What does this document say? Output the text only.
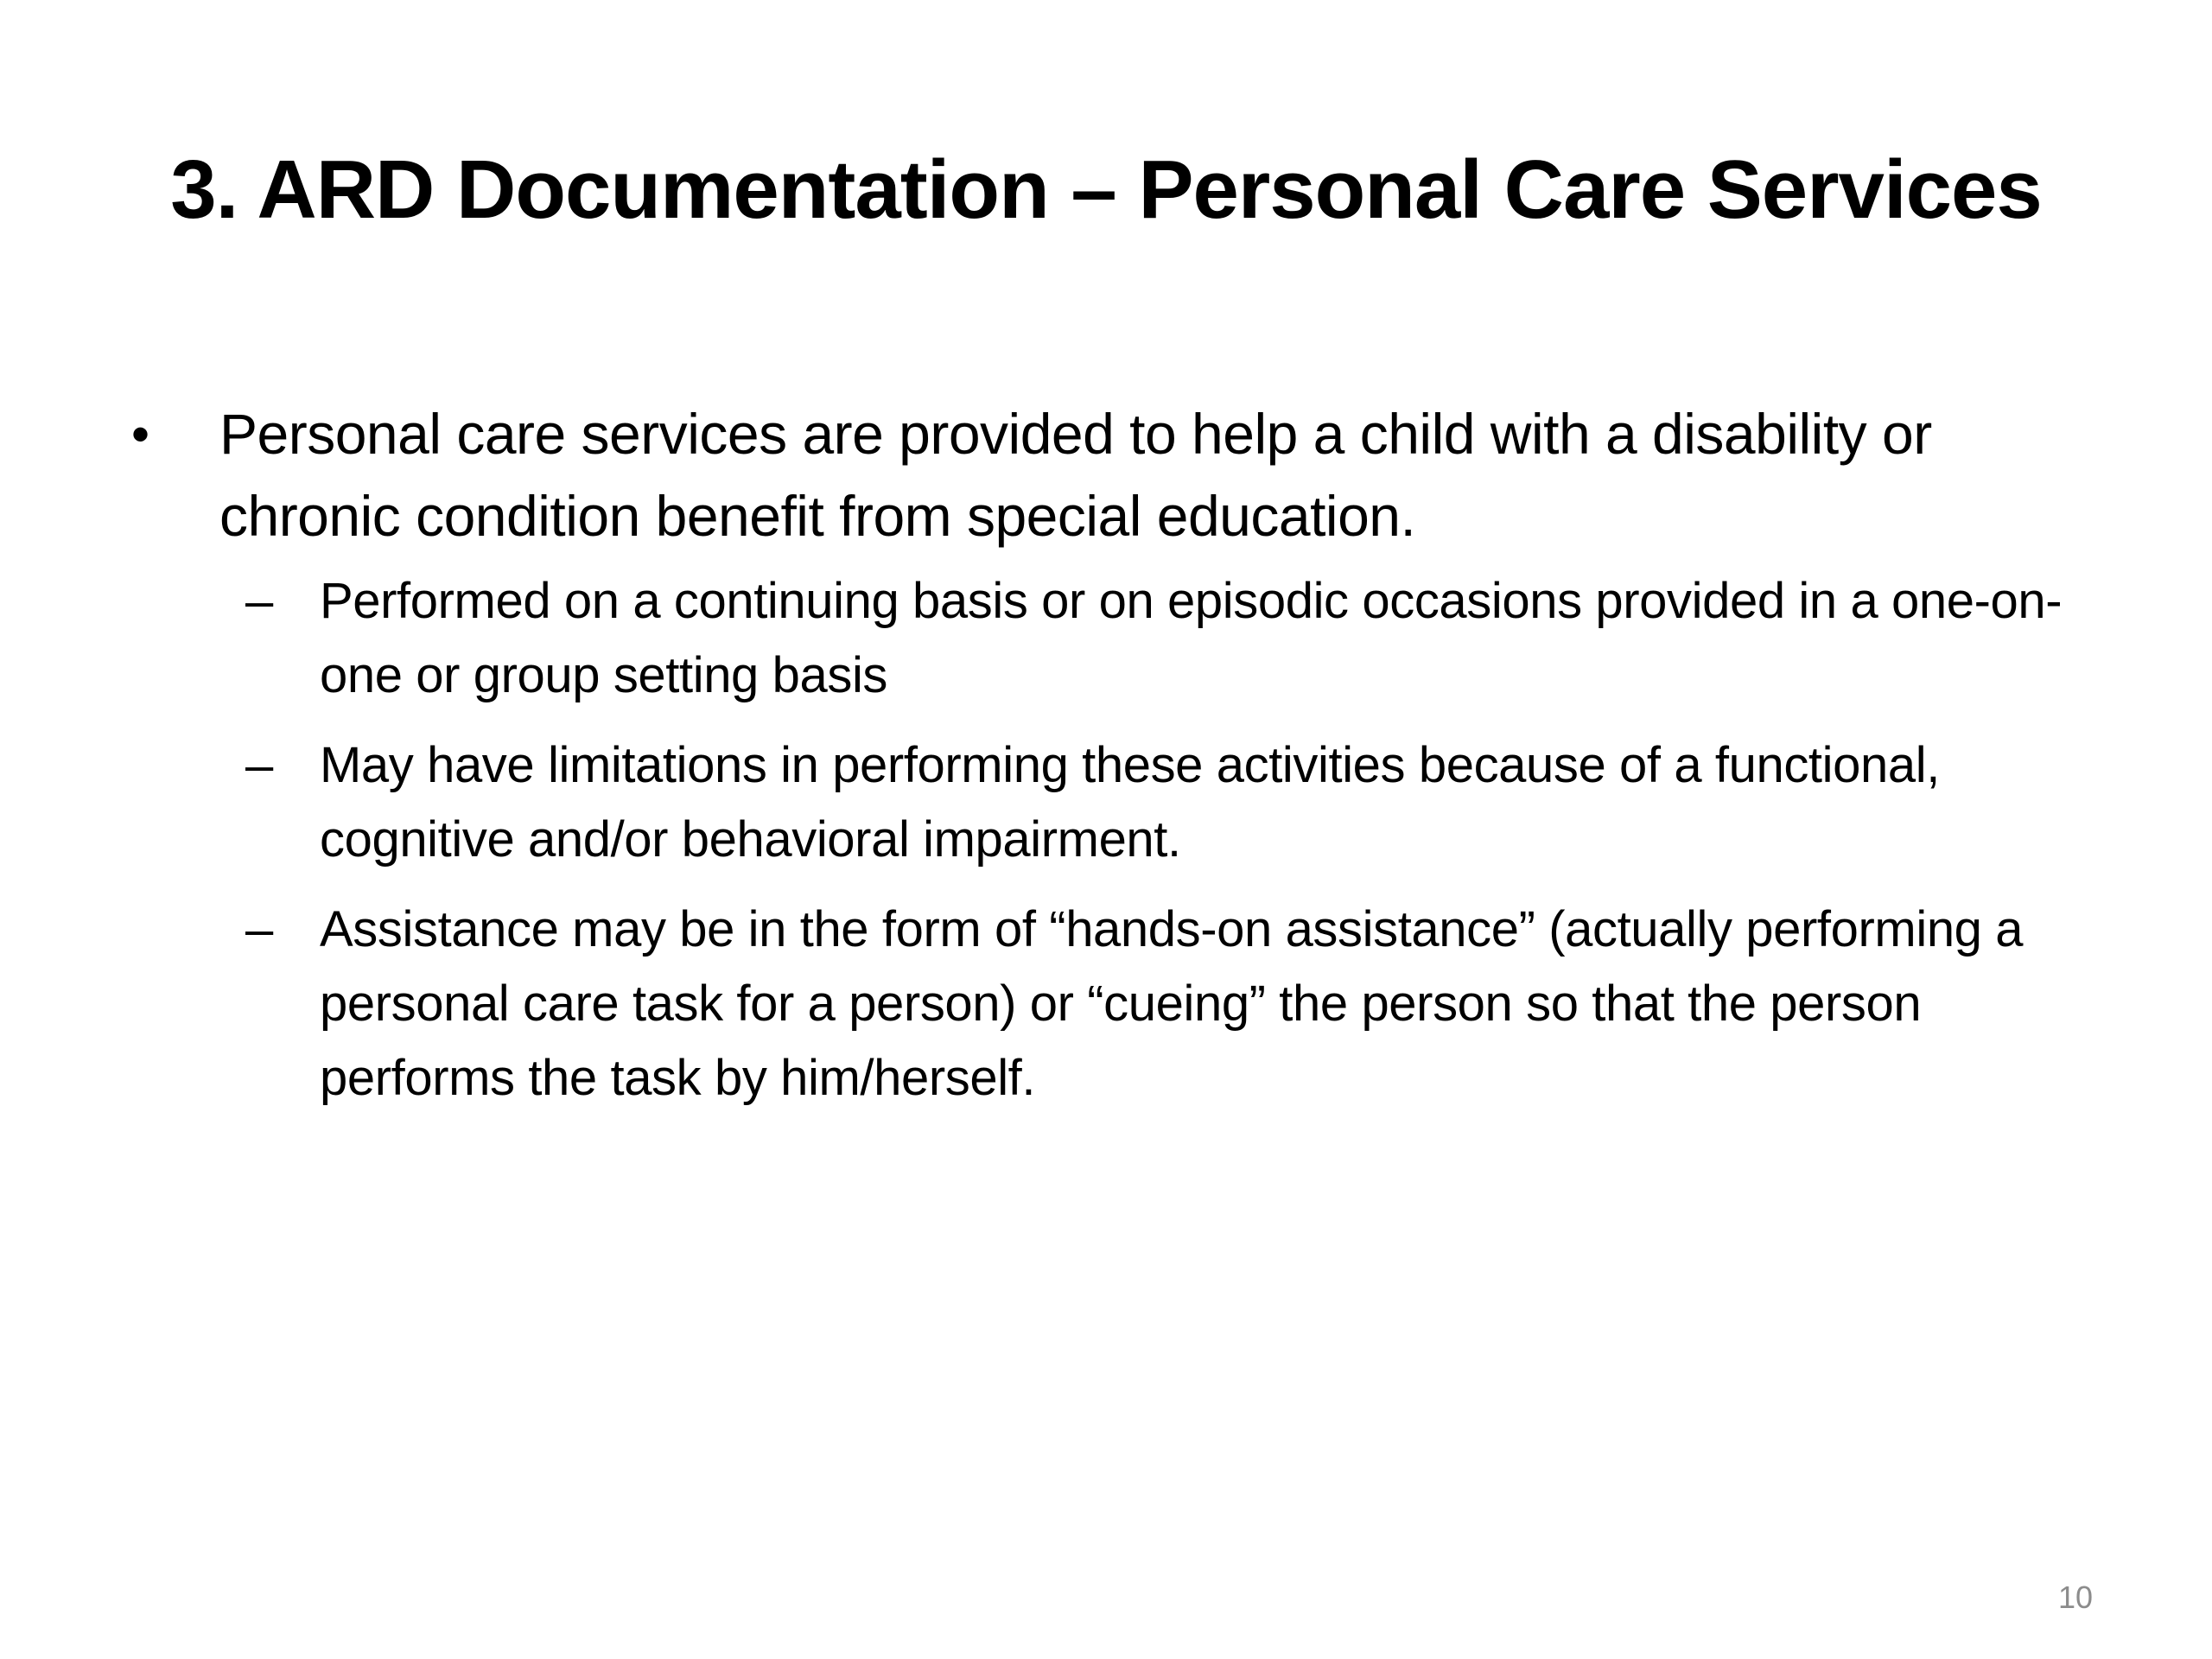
3. ARD Documentation – Personal Care Services
• Personal care services are provided to help a child with a disability or chronic condition benefit from special education.
– Performed on a continuing basis or on episodic occasions provided in a one-on-one or group setting basis
– May have limitations in performing these activities because of a functional, cognitive and/or behavioral impairment.
– Assistance may be in the form of “hands-on assistance” (actually performing a personal care task for a person) or “cueing” the person so that the person performs the task by him/herself.
10
